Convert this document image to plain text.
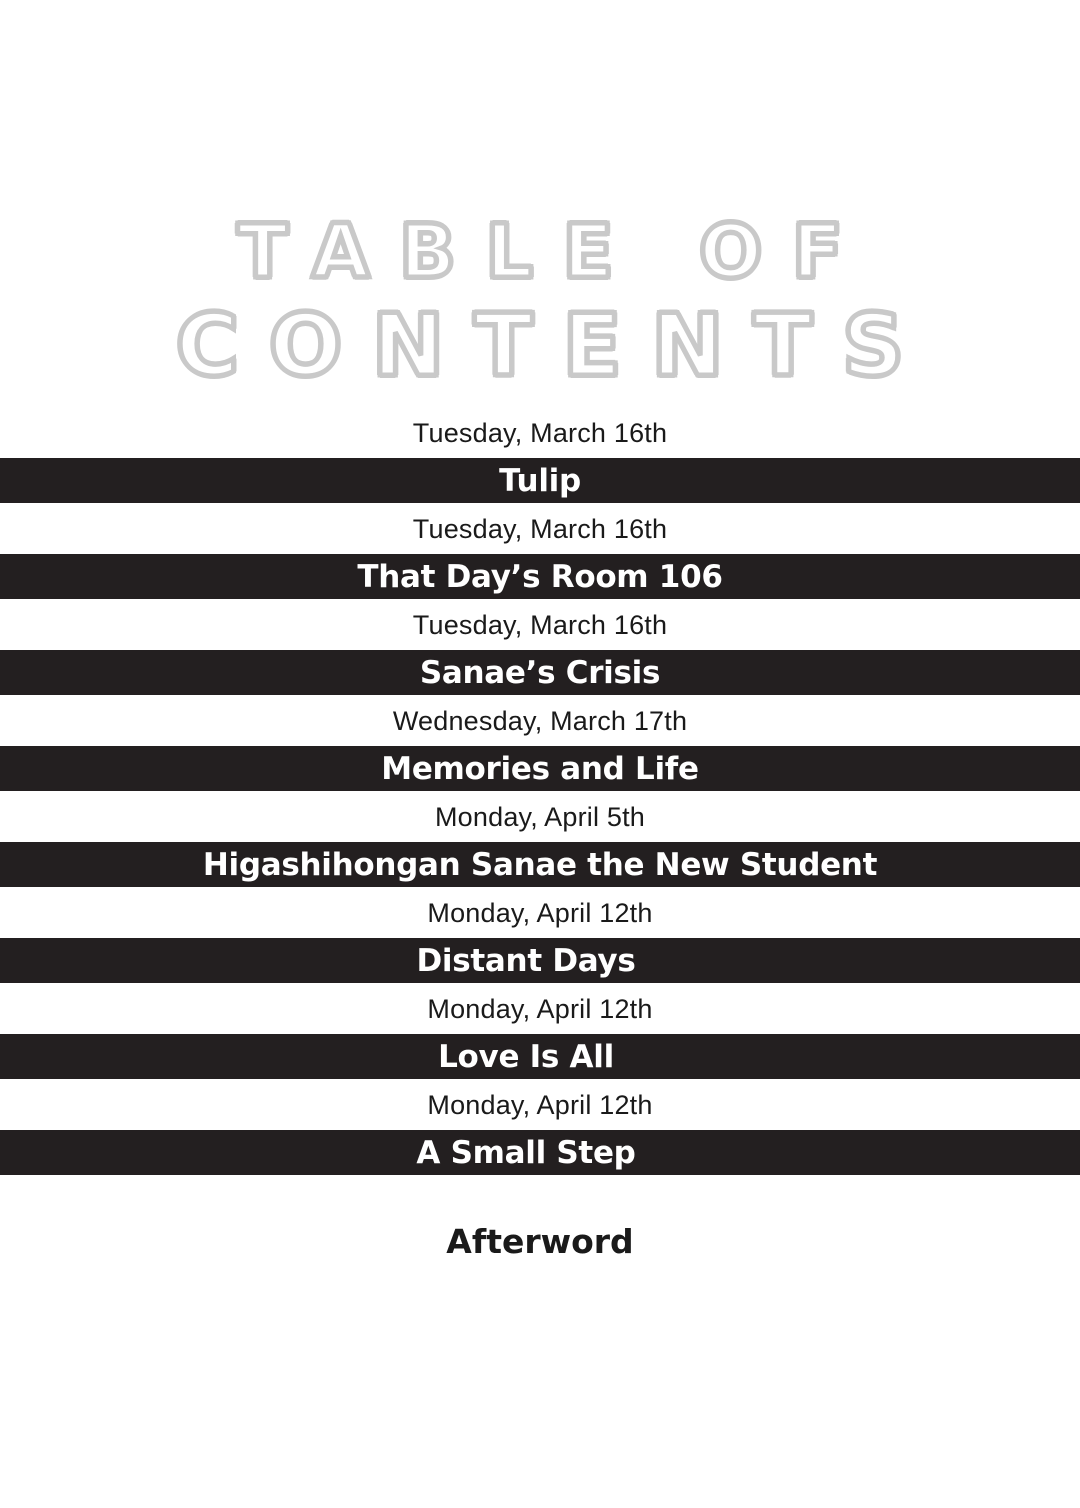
TABLE OF
CONTENTS
Tuesday, March 16th
Tulip
Tuesday, March 16th
That Day’s Room 106
Tuesday, March 16th
Sanae’s Crisis
Wednesday, March 17th
Memories and Life
Monday, April 5th
Higashihongan Sanae the New Student
Monday, April 12th
Distant Days
Monday, April 12th
Love Is All
Monday, April 12th
A Small Step
Afterword
